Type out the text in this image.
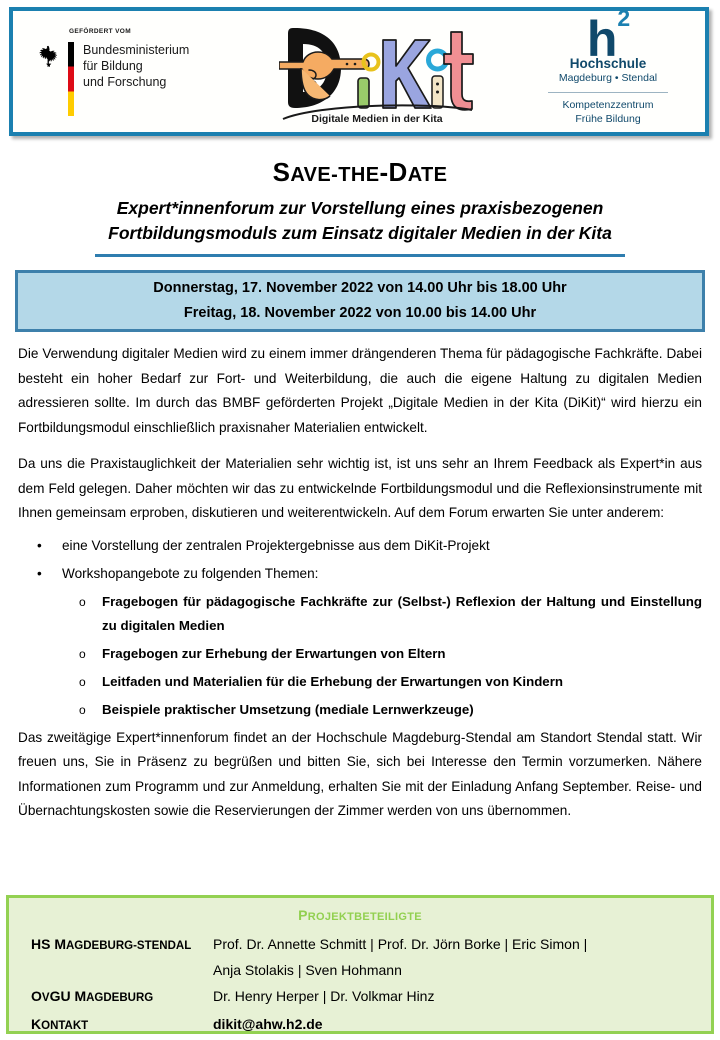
GEFÖRDERT VOM
Bundesministerium
für Bildung
und Forschung
Digitale Medien in der Kita
h2
Hochschule
Magdeburg • Stendal
Kompetenzzentrum
Frühe Bildung
SAVE-THE-DATE
Expert*innenforum zur Vorstellung eines praxisbezogenen
Fortbildungsmoduls zum Einsatz digitaler Medien in der Kita
Donnerstag, 17. November 2022 von 14.00 Uhr bis 18.00 Uhr
Freitag, 18. November 2022 von 10.00 bis 14.00 Uhr

Die Verwendung digitaler Medien wird zu einem immer drängenderen Thema für pädagogische Fachkräfte. Dabei besteht ein hoher Bedarf zur Fort- und Weiterbildung, die auch die eigene Haltung zu digitalen Medien adressieren sollte. Im durch das BMBF geförderten Projekt „Digitale Medien in der Kita (DiKit)“ wird hierzu ein Fortbildungsmodul einschließlich praxisnaher Materialien entwickelt.

Da uns die Praxistauglichkeit der Materialien sehr wichtig ist, ist uns sehr an Ihrem Feedback als Expert*in aus dem Feld gelegen. Daher möchten wir das zu entwickelnde Fortbildungsmodul und die Reflexionsinstrumente mit Ihnen gemeinsam erproben, diskutieren und weiterentwickeln. Auf dem Forum erwarten Sie unter anderem:

• eine Vorstellung der zentralen Projektergebnisse aus dem DiKit-Projekt
• Workshopangebote zu folgenden Themen:
o Fragebogen für pädagogische Fachkräfte zur (Selbst-) Reflexion der Haltung und Einstellung zu digitalen Medien
o Fragebogen zur Erhebung der Erwartungen von Eltern
o Leitfaden und Materialien für die Erhebung der Erwartungen von Kindern
o Beispiele praktischer Umsetzung (mediale Lernwerkzeuge)

Das zweitägige Expert*innenforum findet an der Hochschule Magdeburg-Stendal am Standort Stendal statt. Wir freuen uns, Sie in Präsenz zu begrüßen und bitten Sie, sich bei Interesse den Termin vorzumerken. Nähere Informationen zum Programm und zur Anmeldung, erhalten Sie mit der Einladung Anfang September. Reise- und Übernachtungskosten sowie die Reservierungen der Zimmer werden von uns übernommen.

PROJEKTBETEILIGTE
HS MAGDEBURG-STENDAL	Prof. Dr. Annette Schmitt | Prof. Dr. Jörn Borke | Eric Simon |
Anja Stolakis | Sven Hohmann
OVGU MAGDEBURG	Dr. Henry Herper | Dr. Volkmar Hinz
KONTAKT	dikit@ahw.h2.de
